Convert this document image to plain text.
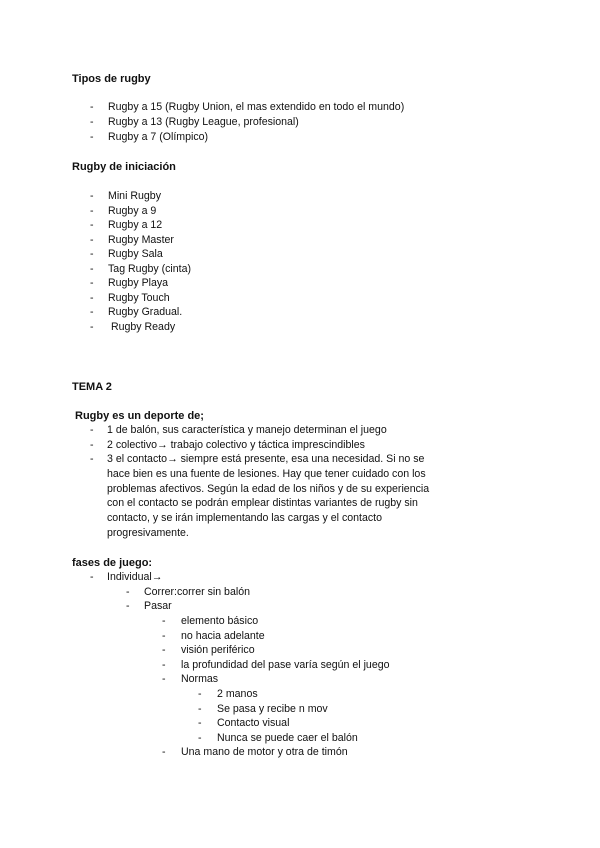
Tipos de rugby
- Rugby a 15 (Rugby Union, el mas extendido en todo el mundo)
- Rugby a 13 (Rugby League, profesional)
- Rugby a 7 (Olímpico)
Rugby de iniciación
- Mini Rugby
- Rugby a 9
- Rugby a 12
- Rugby Master
- Rugby Sala
- Tag Rugby (cinta)
- Rugby Playa
- Rugby Touch
- Rugby Gradual.
- Rugby Ready
TEMA 2
Rugby es un deporte de;
- 1 de balón, sus característica y manejo determinan el juego
- 2 colectivo→ trabajo colectivo y táctica imprescindibles
- 3 el contacto→ siempre está presente, esa una necesidad. Si no se hace bien es una fuente de lesiones. Hay que tener cuidado con los problemas afectivos. Según la edad de los niños y de su experiencia con el contacto se podrán emplear distintas variantes de rugby sin contacto, y se irán implementando las cargas y el contacto progresivamente.
fases de juego:
- Individual→
- Correr:correr sin balón
- Pasar
- elemento básico
- no hacia adelante
- visión periférico
- la profundidad del pase varía según el juego
- Normas
- 2 manos
- Se pasa y recibe n mov
- Contacto visual
- Nunca se puede caer el balón
- Una mano de motor y otra de timón
